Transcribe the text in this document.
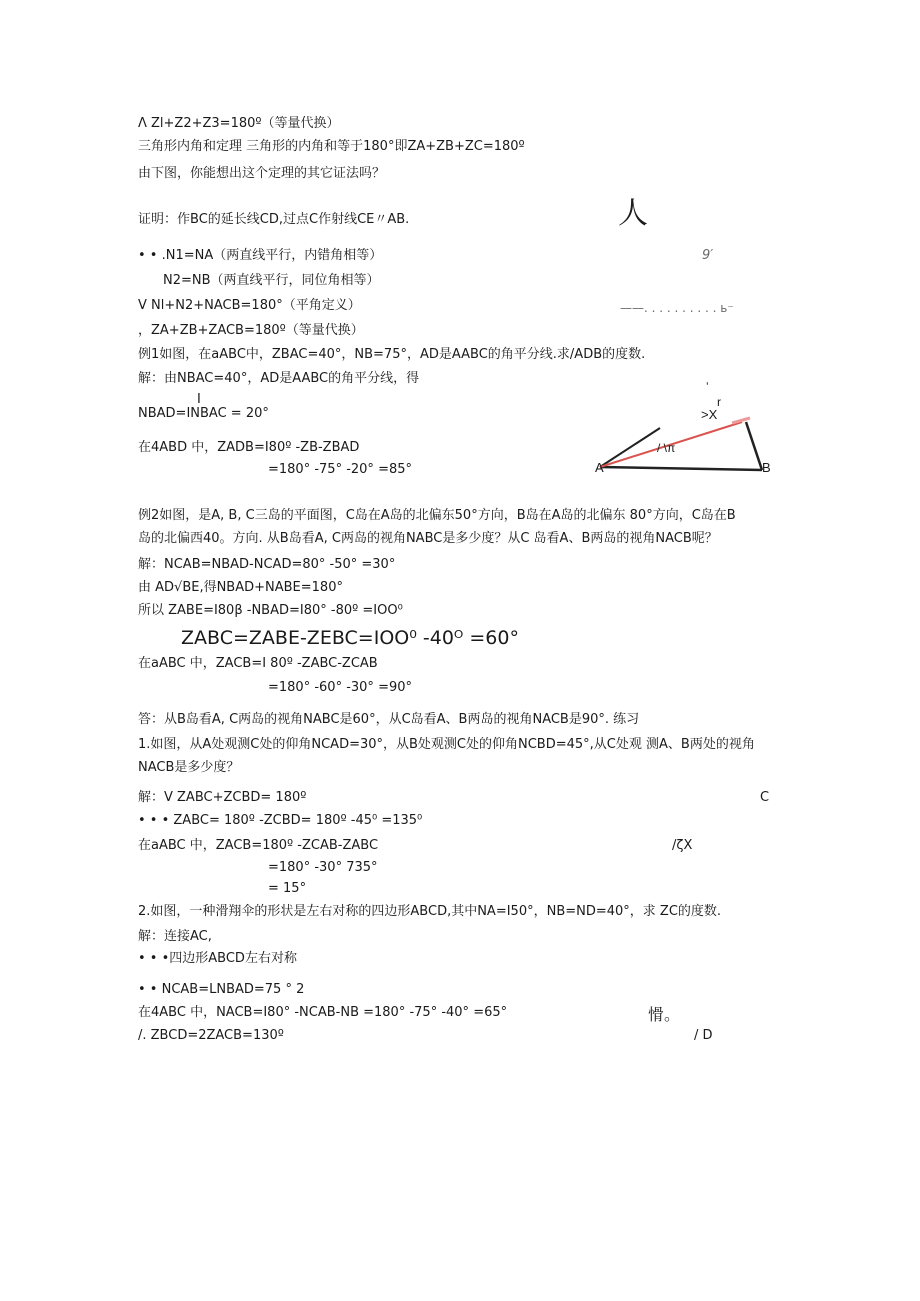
Λ Zl+Z2+Z3=180º（等量代换）
三角形内角和定理 三角形的内角和等于180°即ZA+ZB+ZC=180º
由下图，你能想出这个定理的其它证法吗？
证明：作BC的延长线CD,过点C作射线CE〃AB.
• • .N1=NA（两直线平行，内错角相等）
N2=NB（两直线平行，同位角相等）
V Nl+N2+NACB=180°（平角定义）
，ZA+ZB+ZACB=180º（等量代换）
例1如图，在aABC中，ZBAC=40°，NB=75°，AD是AABC的角平分线.求/ADB的度数.
解：由NBAC=40°，AD是AABC的角平分线，得
I
NBAD=INBAC = 20°
在4ABD 中，ZADB=I80º -ZB-ZBAD
=180° -75° -20° =85°
例2如图，是A, B, C三岛的平面图，C岛在A岛的北偏东50°方向，B岛在A岛的北偏东 80°方向，C岛在B
岛的北偏西40。方向. 从B岛看A, C两岛的视角NABC是多少度？从C 岛看A、B两岛的视角NACB呢？
解：NCAB=NBAD-NCAD=80° -50° =30°
由 AD√BE,得NBAD+NABE=180°
所以 ZABE=I80β -NBAD=I80° -80º =IOO⁰
ZABC=ZABE-ZEBC=IOO⁰ -40ᴼ =60°
在aABC 中，ZACB=I 80º -ZABC-ZCAB
=180° -60° -30° =90°
答：从B岛看A, C两岛的视角NABC是60°，从C岛看A、B两岛的视角NACB是90°. 练习
1.如图，从A处观测C处的仰角NCAD=30°，从B处观测C处的仰角NCBD=45°,从C处观 测A、B两处的视角
NACB是多少度？
解：V ZABC+ZCBD= 180º
• • • ZABC= 180º -ZCBD= 180º -45⁰ =135⁰
在aABC 中，ZACB=180º -ZCAB-ZABC
=180° -30° 735°
= 15°
2.如图，一种滑翔伞的形状是左右对称的四边形ABCD,其中NA=I50°，NB=ND=40°，求 ZC的度数.
解：连接AC,
• • •四边形ABCD左右对称
• • NCAB=LNBAD=75 ° 2
在4ABC 中，NACB=I80° -NCAB-NB =180° -75° -40° =65°
/. ZBCD=2ZACB=130º
人
9′
——. . . . . . . . . . ь⁻
C
/ζX
愲。
/ D
A	B
>X
r
/ \π
ʼ
